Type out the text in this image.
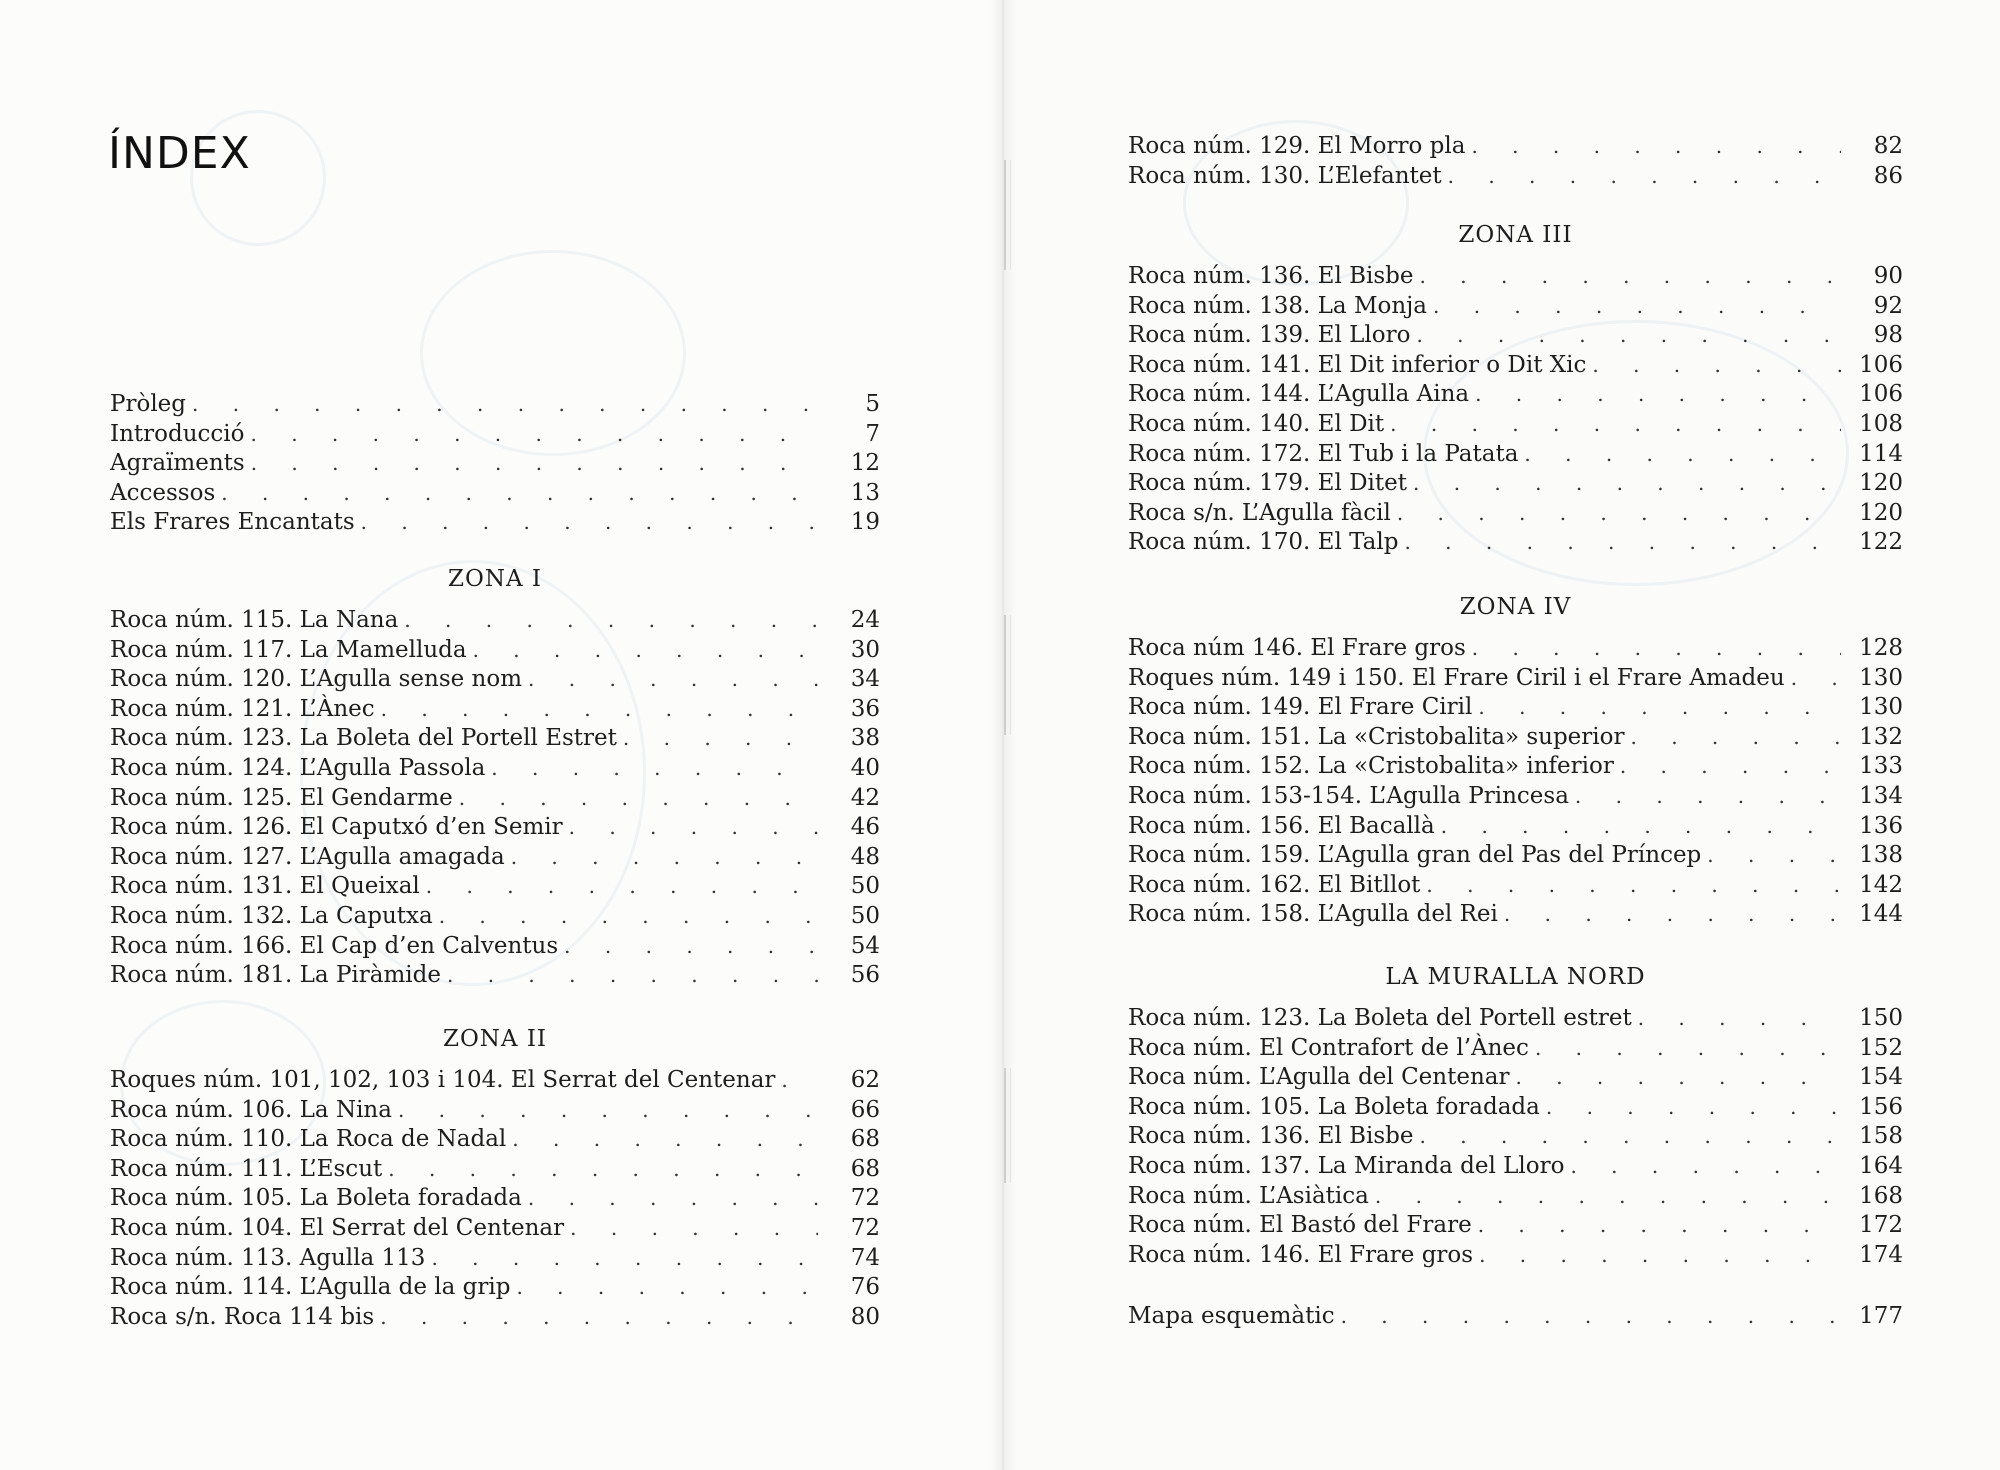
ÍNDEX
Pròleg . . .	5
Introducció . . .	7
Agraïments . . .	12
Accessos . . .	13
Els Frares Encantats . . .	19
ZONA I
Roca núm. 115. La Nana . . .	24
Roca núm. 117. La Mamelluda . . .	30
Roca núm. 120. L’Agulla sense nom . . .	34
Roca núm. 121. L’Ànec . . .	36
Roca núm. 123. La Boleta del Portell Estret . . .	38
Roca núm. 124. L’Agulla Passola . . .	40
Roca núm. 125. El Gendarme . . .	42
Roca núm. 126. El Caputxó d’en Semir . . .	46
Roca núm. 127. L’Agulla amagada . . .	48
Roca núm. 131. El Queixal . . .	50
Roca núm. 132. La Caputxa . . .	50
Roca núm. 166. El Cap d’en Calventus . . .	54
Roca núm. 181. La Piràmide . . .	56
ZONA II
Roques núm. 101, 102, 103 i 104. El Serrat del Centenar . . .	62
Roca núm. 106. La Nina . . .	66
Roca núm. 110. La Roca de Nadal . . .	68
Roca núm. 111. L’Escut . . .	68
Roca núm. 105. La Boleta foradada . . .	72
Roca núm. 104. El Serrat del Centenar . . .	72
Roca núm. 113. Agulla 113 . . .	74
Roca núm. 114. L’Agulla de la grip . . .	76
Roca s/n. Roca 114 bis . . .	80
Roca núm. 129. El Morro pla . . .	82
Roca núm. 130. L’Elefantet . . .	86
ZONA III
Roca núm. 136. El Bisbe . . .	90
Roca núm. 138. La Monja . . .	92
Roca núm. 139. El Lloro . . .	98
Roca núm. 141. El Dit inferior o Dit Xic . . .	106
Roca núm. 144. L’Agulla Aina . . .	106
Roca núm. 140. El Dit . . .	108
Roca núm. 172. El Tub i la Patata . . .	114
Roca núm. 179. El Ditet . . .	120
Roca s/n. L’Agulla fàcil . . .	120
Roca núm. 170. El Talp . . .	122
ZONA IV
Roca núm 146. El Frare gros . . .	128
Roques núm. 149 i 150. El Frare Ciril i el Frare Amadeu . . .	130
Roca núm. 149. El Frare Ciril . . .	130
Roca núm. 151. La «Cristobalita» superior . . .	132
Roca núm. 152. La «Cristobalita» inferior . . .	133
Roca núm. 153-154. L’Agulla Princesa . . .	134
Roca núm. 156. El Bacallà . . .	136
Roca núm. 159. L’Agulla gran del Pas del Príncep . . .	138
Roca núm. 162. El Bitllot . . .	142
Roca núm. 158. L’Agulla del Rei . . .	144
LA MURALLA NORD
Roca núm. 123. La Boleta del Portell estret . . .	150
Roca núm. El Contrafort de l’Ànec . . .	152
Roca núm. L’Agulla del Centenar . . .	154
Roca núm. 105. La Boleta foradada . . .	156
Roca núm. 136. El Bisbe . . .	158
Roca núm. 137. La Miranda del Lloro . . .	164
Roca núm. L’Asiàtica . . .	168
Roca núm. El Bastó del Frare . . .	172
Roca núm. 146. El Frare gros . . .	174
Mapa esquemàtic . . .	177
